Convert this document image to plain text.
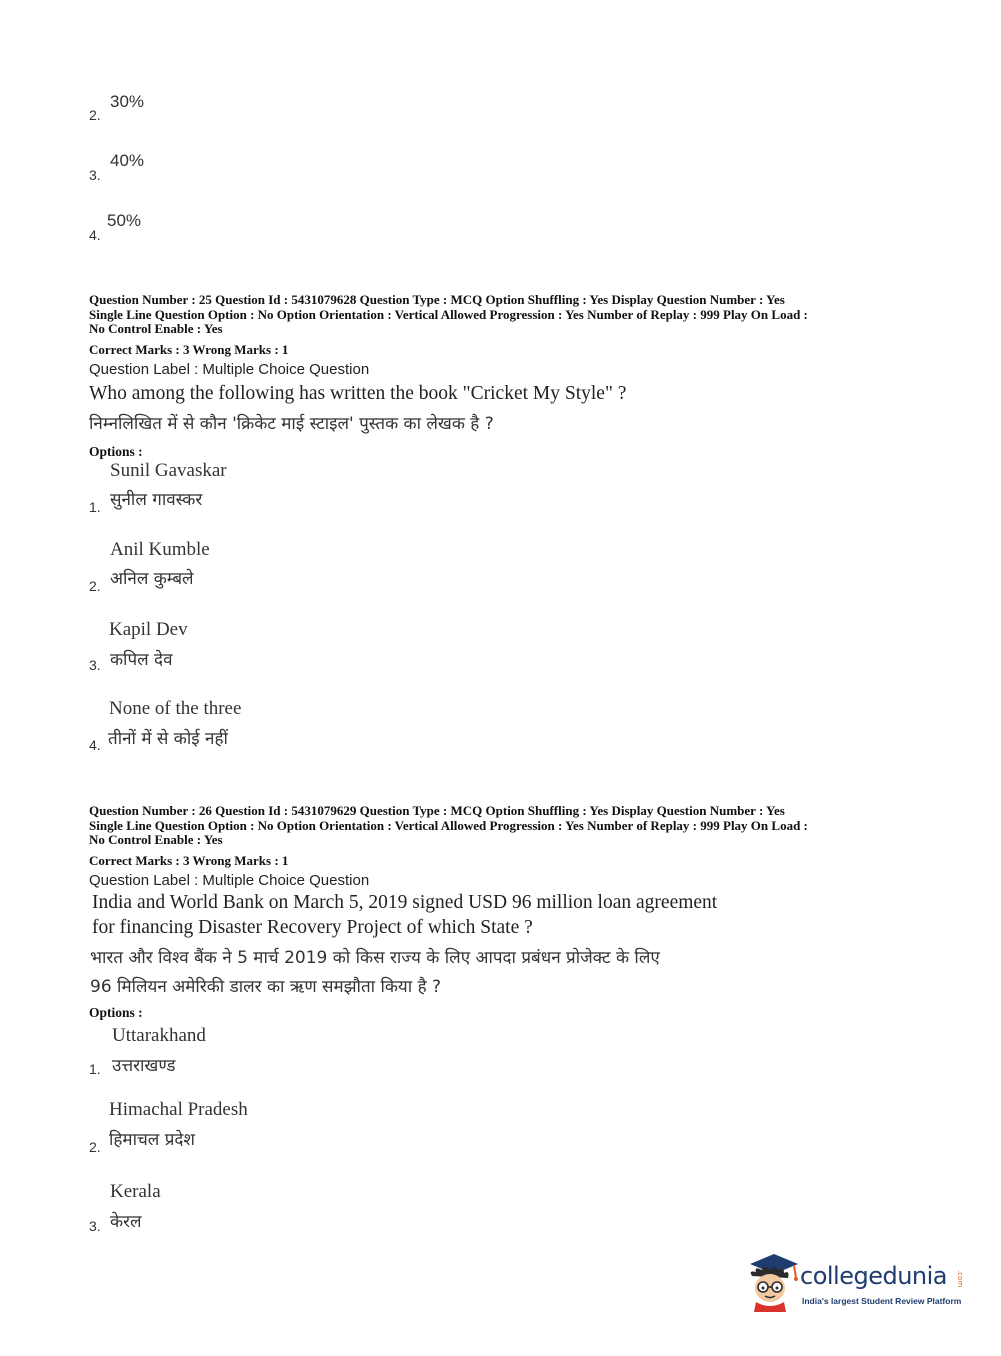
2.
30%
3.
40%
4.
50%
Question Number : 25 Question Id : 5431079628 Question Type : MCQ Option Shuffling : Yes Display Question Number : Yes
Single Line Question Option : No Option Orientation : Vertical Allowed Progression : Yes Number of Replay : 999 Play On Load :
No Control Enable : Yes
Correct Marks : 3 Wrong Marks : 1
Question Label : Multiple Choice Question
Who among the following has written the book "Cricket My Style" ?
निम्नलिखित में से कौन 'क्रिकेट माई स्टाइल' पुस्तक का लेखक है ?
Options :
Sunil Gavaskar
सुनील गावस्कर
1.
Anil Kumble
अनिल कुम्बले
2.
Kapil Dev
कपिल देव
3.
None of the three
तीनों में से कोई नहीं
4.
Question Number : 26 Question Id : 5431079629 Question Type : MCQ Option Shuffling : Yes Display Question Number : Yes
Single Line Question Option : No Option Orientation : Vertical Allowed Progression : Yes Number of Replay : 999 Play On Load :
No Control Enable : Yes
Correct Marks : 3 Wrong Marks : 1
Question Label : Multiple Choice Question
India and World Bank on March 5, 2019 signed USD 96 million loan agreement
for financing Disaster Recovery Project of which State ?
भारत और विश्व बैंक ने 5 मार्च 2019 को किस राज्य के लिए आपदा प्रबंधन प्रोजेक्ट के लिए
96 मिलियन अमेरिकी डालर का ऋण समझौता किया है ?
Options :
Uttarakhand
उत्तराखण्ड
1.
Himachal Pradesh
हिमाचल प्रदेश
2.
Kerala
केरल
3.
collegedunia .com
India's largest Student Review Platform
